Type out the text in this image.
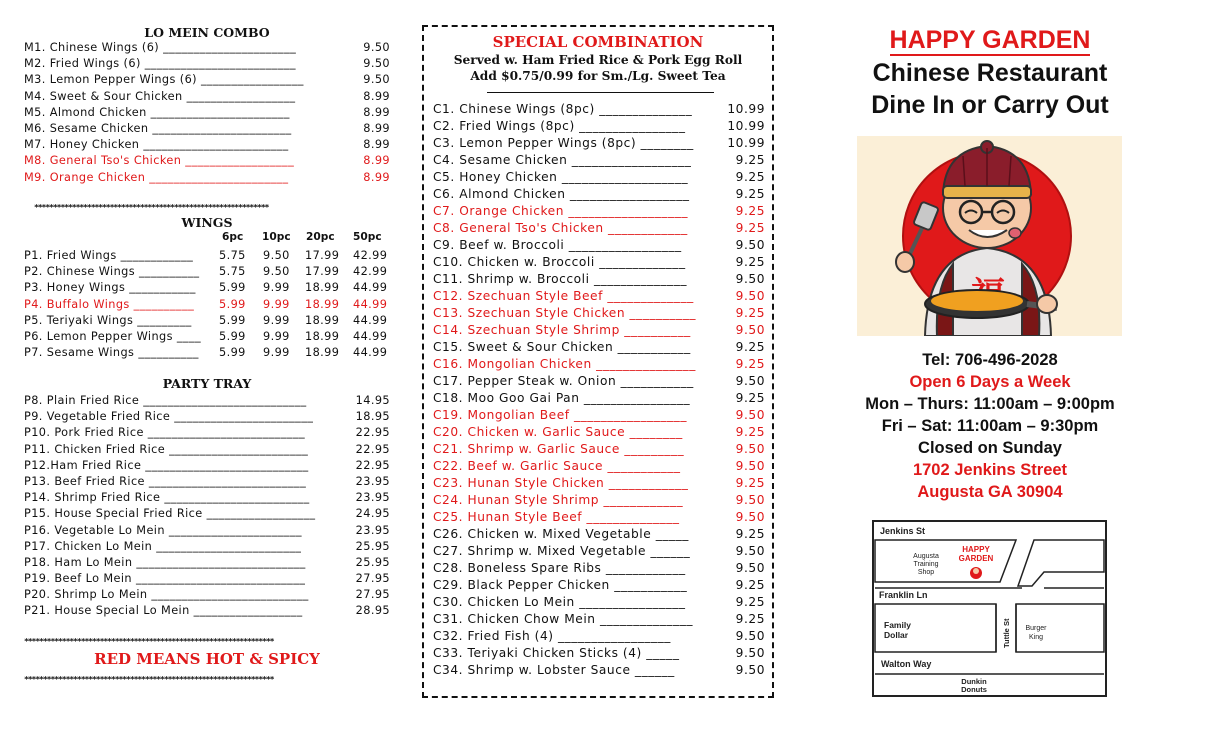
LO MEIN COMBO
M1. Chinese Wings (6) ______________________	9.50
M2. Fried Wings (6) _________________________	9.50
M3. Lemon Pepper Wings (6) _________________	9.50
M4. Sweet & Sour Chicken __________________	8.99
M5. Almond Chicken _______________________	8.99
M6. Sesame Chicken _______________________	8.99
M7. Honey Chicken ________________________	8.99
M8. General Tso's Chicken __________________	8.99
M9. Orange Chicken _______________________	8.99
**************************************************************
WINGS
6pc 10pc 20pc 50pc
P1. Fried Wings ____________ 5.75 9.50 17.99 42.99
P2. Chinese Wings __________ 5.75 9.50 17.99 42.99
P3. Honey Wings ___________ 5.99 9.99 18.99 44.99
P4. Buffalo Wings __________ 5.99 9.99 18.99 44.99
P5. Teriyaki Wings _________ 5.99 9.99 18.99 44.99
P6. Lemon Pepper Wings ____ 5.99 9.99 18.99 44.99
P7. Sesame Wings __________ 5.99 9.99 18.99 44.99
PARTY TRAY
P8. Plain Fried Rice ___________________________	14.95
P9. Vegetable Fried Rice _______________________	18.95
P10. Pork Fried Rice __________________________	22.95
P11. Chicken Fried Rice _______________________	22.95
P12.Ham Fried Rice ___________________________	22.95
P13. Beef Fried Rice __________________________	23.95
P14. Shrimp Fried Rice ________________________	23.95
P15. House Special Fried Rice __________________	24.95
P16. Vegetable Lo Mein ______________________	23.95
P17. Chicken Lo Mein ________________________	25.95
P18. Ham Lo Mein ____________________________	25.95
P19. Beef Lo Mein ____________________________	27.95
P20. Shrimp Lo Mein __________________________	27.95
P21. House Special Lo Mein __________________	28.95
******************************************************************
RED MEANS HOT & SPICY
******************************************************************
SPECIAL COMBINATION
Served w. Ham Fried Rice & Pork Egg Roll
Add $0.75/0.99 for Sm./Lg. Sweet Tea
C1. Chinese Wings (8pc) ______________	10.99
C2. Fried Wings (8pc) ________________	10.99
C3. Lemon Pepper Wings (8pc) ________	10.99
C4. Sesame Chicken __________________	9.25
C5. Honey Chicken ___________________	9.25
C6. Almond Chicken __________________	9.25
C7. Orange Chicken __________________	9.25
C8. General Tso's Chicken ____________	9.25
C9. Beef w. Broccoli _________________	9.50
C10. Chicken w. Broccoli _____________	9.25
C11. Shrimp w. Broccoli ______________	9.50
C12. Szechuan Style Beef _____________	9.50
C13. Szechuan Style Chicken __________	9.25
C14. Szechuan Style Shrimp __________	9.50
C15. Sweet & Sour Chicken ___________	9.25
C16. Mongolian Chicken _______________	9.25
C17. Pepper Steak w. Onion ___________	9.50
C18. Moo Goo Gai Pan ________________	9.25
C19. Mongolian Beef _________________	9.50
C20. Chicken w. Garlic Sauce ________	9.25
C21. Shrimp w. Garlic Sauce _________	9.50
C22. Beef w. Garlic Sauce ___________	9.50
C23. Hunan Style Chicken ____________	9.25
C24. Hunan Style Shrimp ____________	9.50
C25. Hunan Style Beef ______________	9.50
C26. Chicken w. Mixed Vegetable _____	9.25
C27. Shrimp w. Mixed Vegetable ______	9.50
C28. Boneless Spare Ribs ____________	9.50
C29. Black Pepper Chicken ___________	9.25
C30. Chicken Lo Mein ________________	9.25
C31. Chicken Chow Mein ______________	9.25
C32. Fried Fish (4) _________________	9.50
C33. Teriyaki Chicken Sticks (4) _____	9.50
C34. Shrimp w. Lobster Sauce ______	9.50
HAPPY GARDEN
Chinese Restaurant
Dine In or Carry Out
Tel: 706-496-2028
Open 6 Days a Week
Mon – Thurs: 11:00am – 9:00pm
Fri – Sat: 11:00am – 9:30pm
Closed on Sunday
1702 Jenkins Street
Augusta GA 30904
Jenkins St
Augusta
Training
Shop
HAPPY
GARDEN
Franklin Ln
Family
Dollar	Tuttle St Burger
King
Walton Way
Dunkin
Donuts
